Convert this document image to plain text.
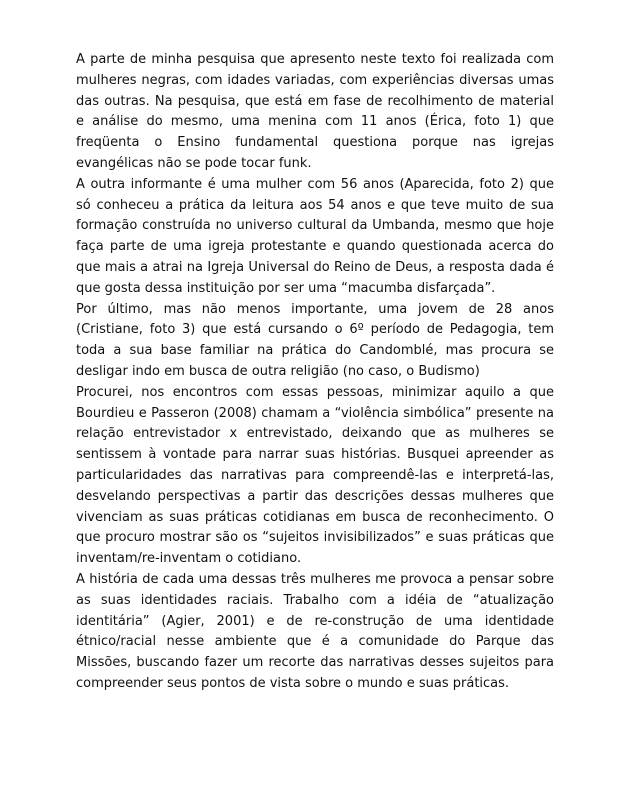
A parte de minha pesquisa que apresento neste texto foi realizada com mulheres negras, com idades variadas, com experiências diversas umas das outras. Na pesquisa, que está em fase de recolhimento de material e análise do mesmo, uma menina com 11 anos (Érica, foto 1) que freqüenta o Ensino fundamental questiona porque nas igrejas evangélicas não se pode tocar funk.

A outra informante é uma mulher com 56 anos (Aparecida, foto 2) que só conheceu a prática da leitura aos 54 anos e que teve muito de sua formação construída no universo cultural da Umbanda, mesmo que hoje faça parte de uma igreja protestante e quando questionada acerca do que mais a atrai na Igreja Universal do Reino de Deus, a resposta dada é que gosta dessa instituição por ser uma “macumba disfarçada”.

Por último, mas não menos importante, uma jovem de 28 anos (Cristiane, foto 3) que está cursando o 6º período de Pedagogia, tem toda a sua base familiar na prática do Candomblé, mas procura se desligar indo em busca de outra religião (no caso, o Budismo)

Procurei, nos encontros com essas pessoas, minimizar aquilo a que Bourdieu e Passeron (2008) chamam a “violência simbólica” presente na relação entrevistador x entrevistado, deixando que as mulheres se sentissem à vontade para narrar suas histórias. Busquei apreender as particularidades das narrativas para compreendê-las e interpretá-las, desvelando perspectivas a partir das descrições dessas mulheres que vivenciam as suas práticas cotidianas em busca de reconhecimento. O que procuro mostrar são os “sujeitos invisibilizados” e suas práticas que inventam/re-inventam o cotidiano.

A história de cada uma dessas três mulheres me provoca a pensar sobre as suas identidades raciais. Trabalho com a idéia de “atualização identitária” (Agier, 2001) e de re-construção de uma identidade étnico/racial nesse ambiente que é a comunidade do Parque das Missões, buscando fazer um recorte das narrativas desses sujeitos para compreender seus pontos de vista sobre o mundo e suas práticas.
